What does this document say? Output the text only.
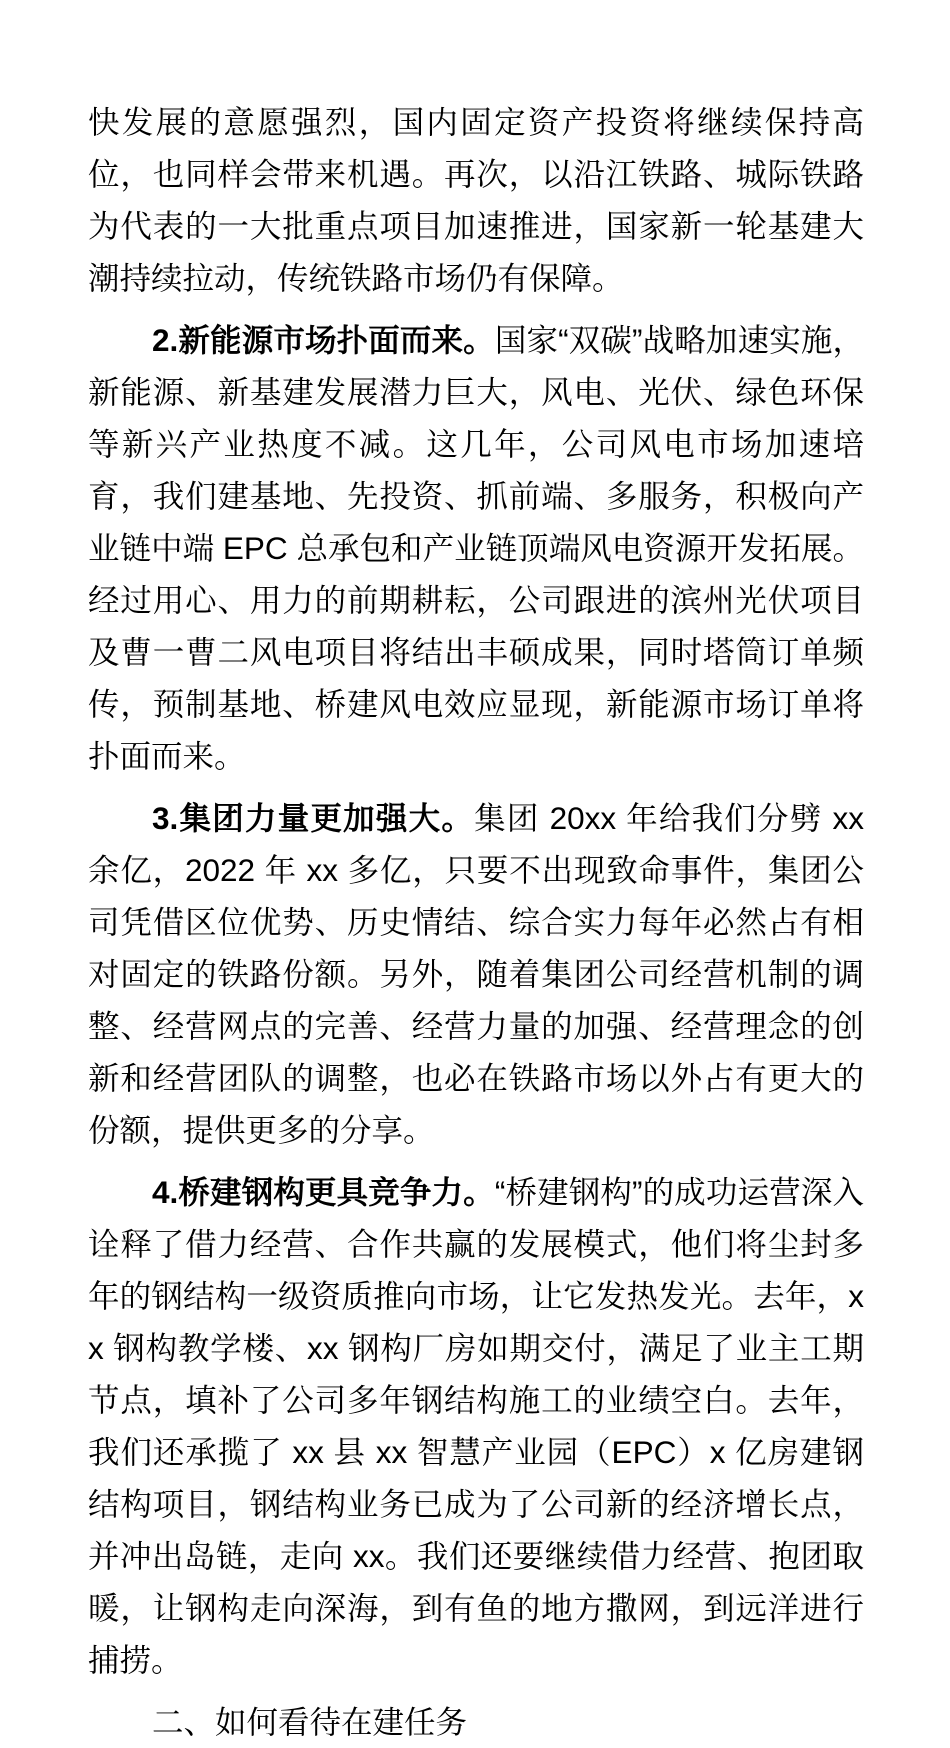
快发展的意愿强烈，国内固定资产投资将继续保持高位，也同样会带来机遇。再次，以沿江铁路、城际铁路为代表的一大批重点项目加速推进，国家新一轮基建大潮持续拉动，传统铁路市场仍有保障。

2.新能源市场扑面而来。国家“双碳”战略加速实施，新能源、新基建发展潜力巨大，风电、光伏、绿色环保等新兴产业热度不减。这几年，公司风电市场加速培育，我们建基地、先投资、抓前端、多服务，积极向产业链中端 EPC 总承包和产业链顶端风电资源开发拓展。经过用心、用力的前期耕耘，公司跟进的滨州光伏项目及曹一曹二风电项目将结出丰硕成果，同时塔筒订单频传，预制基地、桥建风电效应显现，新能源市场订单将扑面而来。

3.集团力量更加强大。集团 20xx 年给我们分劈 xx 余亿，2022 年 xx 多亿，只要不出现致命事件，集团公司凭借区位优势、历史情结、综合实力每年必然占有相对固定的铁路份额。另外，随着集团公司经营机制的调整、经营网点的完善、经营力量的加强、经营理念的创新和经营团队的调整，也必在铁路市场以外占有更大的份额，提供更多的分享。

4.桥建钢构更具竞争力。“桥建钢构”的成功运营深入诠释了借力经营、合作共赢的发展模式，他们将尘封多年的钢结构一级资质推向市场，让它发热发光。去年，xx 钢构教学楼、xx 钢构厂房如期交付，满足了业主工期节点，填补了公司多年钢结构施工的业绩空白。去年，我们还承揽了 xx 县 xx 智慧产业园（EPC）x 亿房建钢结构项目，钢结构业务已成为了公司新的经济增长点，并冲出岛链，走向 xx。我们还要继续借力经营、抱团取暖，让钢构走向深海，到有鱼的地方撒网，到远洋进行捕捞。

二、如何看待在建任务
